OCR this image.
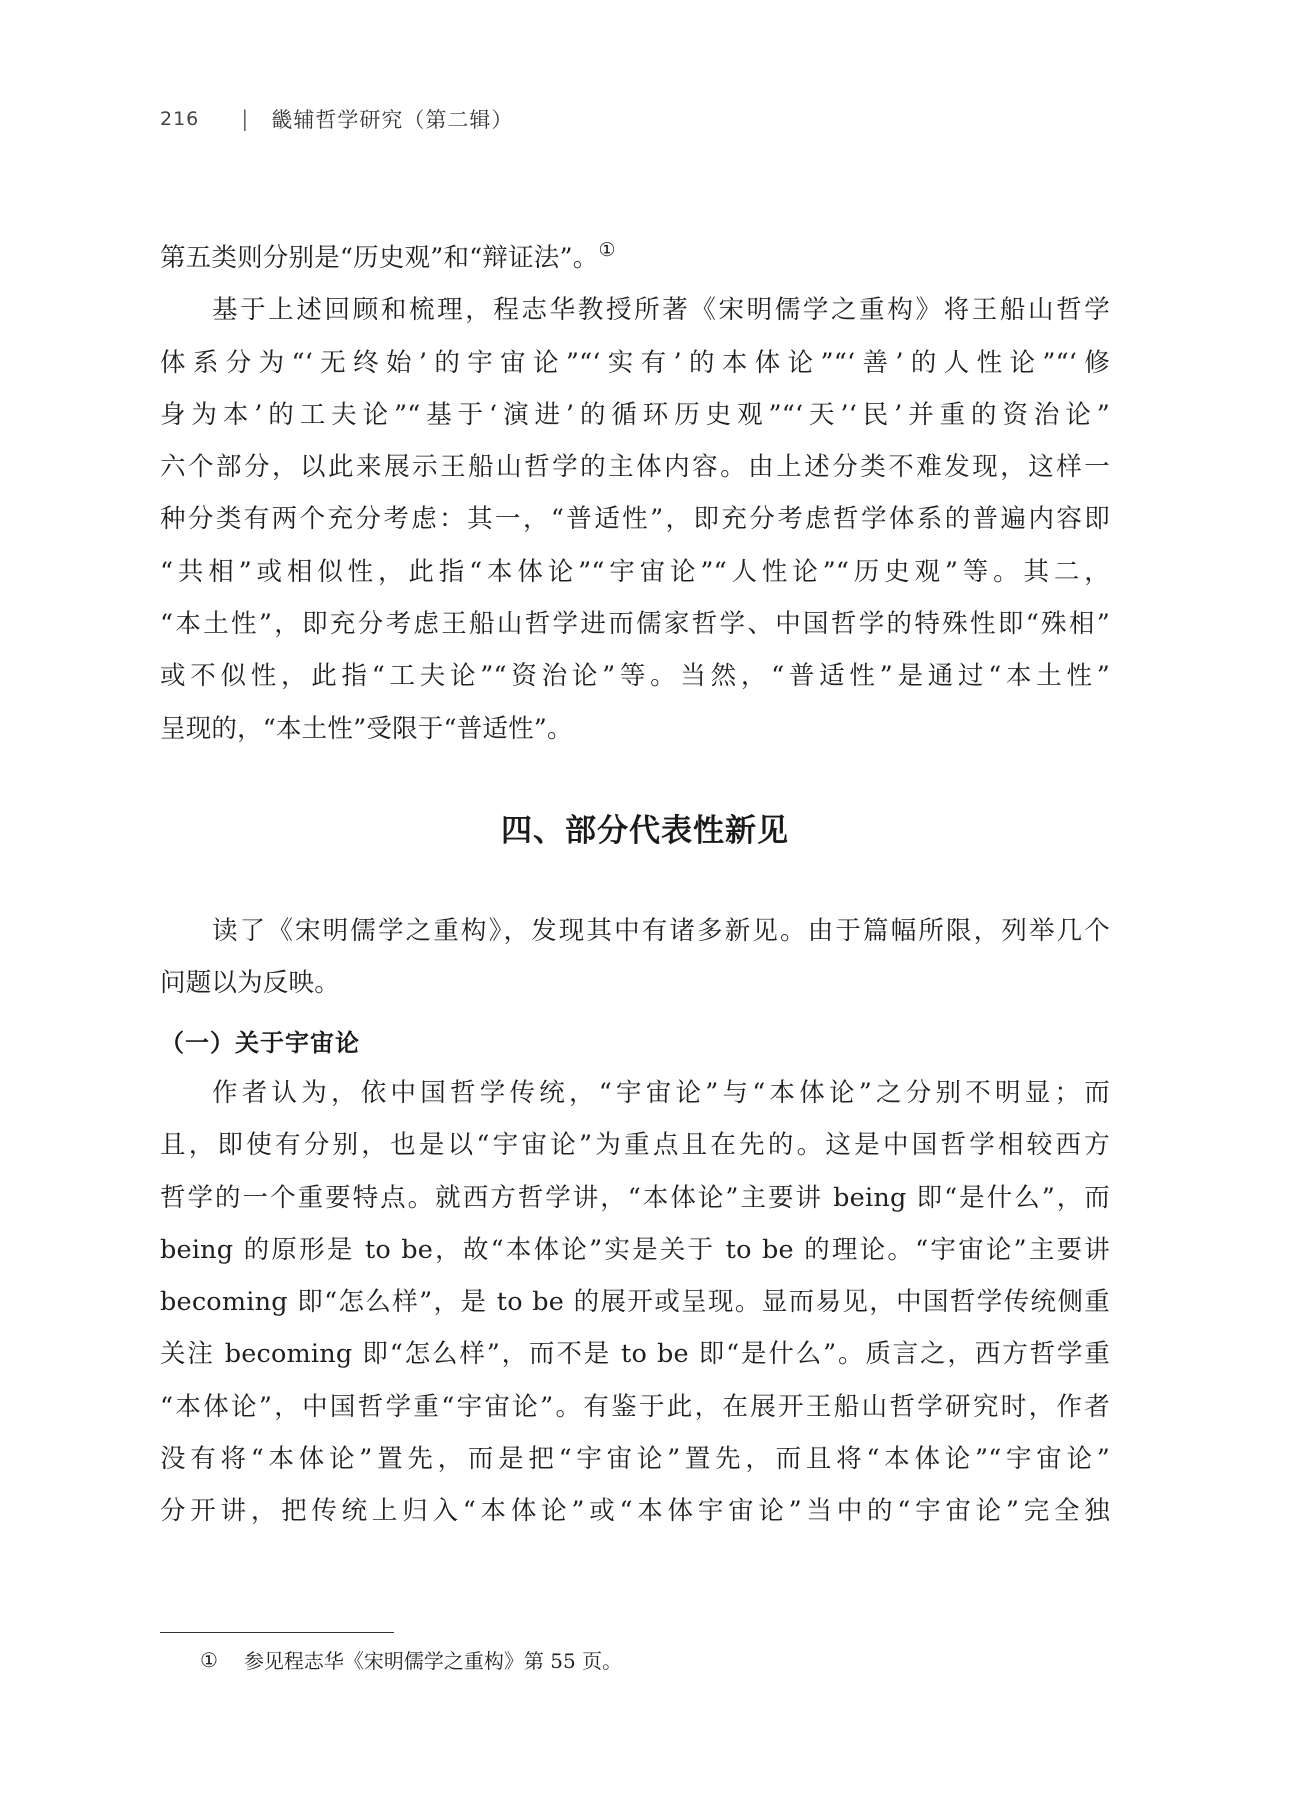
216 | 畿辅哲学研究（第二辑）
第五类则分别是“历史观”和“辩证法”。①
基于上述回顾和梳理，程志华教授所著《宋明儒学之重构》将王船山哲学
体系分为“‘无终始’的宇宙论”“‘实有’的本体论”“‘善’的人性论”“‘修
身为本’的工夫论”“基于‘演进’的循环历史观”“‘天’‘民’并重的资治论”
六个部分，以此来展示王船山哲学的主体内容。由上述分类不难发现，这样一
种分类有两个充分考虑：其一，“普适性”，即充分考虑哲学体系的普遍内容即
“共相”或相似性，此指“本体论”“宇宙论”“人性论”“历史观”等。其二，
“本土性”，即充分考虑王船山哲学进而儒家哲学、中国哲学的特殊性即“殊相”
或不似性，此指“工夫论”“资治论”等。当然，“普适性”是通过“本土性”
呈现的，“本土性”受限于“普适性”。
四、部分代表性新见
读了《宋明儒学之重构》，发现其中有诸多新见。由于篇幅所限，列举几个
问题以为反映。
（一）关于宇宙论
作者认为，依中国哲学传统，“宇宙论”与“本体论”之分别不明显；而
且，即使有分别，也是以“宇宙论”为重点且在先的。这是中国哲学相较西方
哲学的一个重要特点。就西方哲学讲，“本体论”主要讲 being 即“是什么”，而
being 的原形是 to be，故“本体论”实是关于 to be 的理论。“宇宙论”主要讲
becoming 即“怎么样”，是 to be 的展开或呈现。显而易见，中国哲学传统侧重
关注 becoming 即“怎么样”，而不是 to be 即“是什么”。质言之，西方哲学重
“本体论”，中国哲学重“宇宙论”。有鉴于此，在展开王船山哲学研究时，作者
没有将“本体论”置先，而是把“宇宙论”置先，而且将“本体论”“宇宙论”
分开讲，把传统上归入“本体论”或“本体宇宙论”当中的“宇宙论”完全独
① 参见程志华《宋明儒学之重构》第 55 页。
